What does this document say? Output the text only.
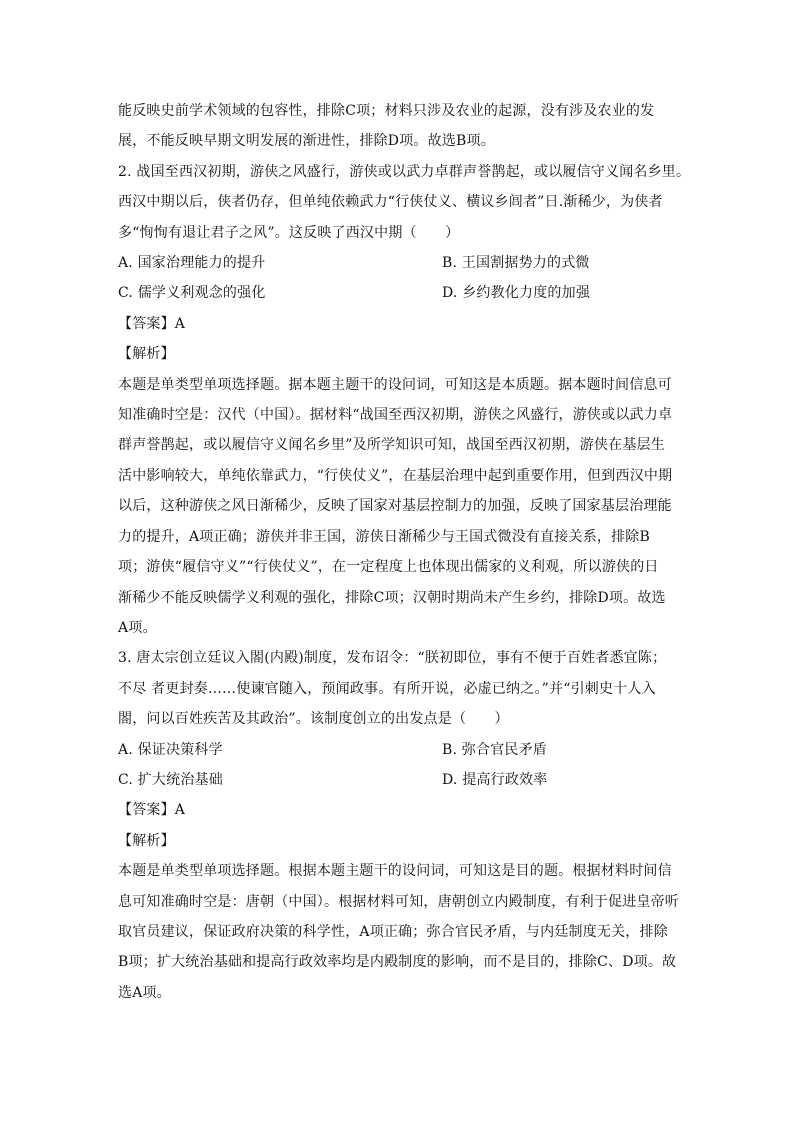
能反映史前学术领域的包容性，排除C项；材料只涉及农业的起源，没有涉及农业的发
展，不能反映早期文明发展的渐进性，排除D项。故选B项。
2. 战国至西汉初期，游侠之风盛行，游侠或以武力卓群声誉鹊起，或以履信守义闻名乡里。
西汉中期以后，侠者仍存，但单纯依赖武力“行侠仗义、横议乡闾者”日.渐稀少，为侠者
多“恂恂有退让君子之风”。这反映了西汉中期（　　）
A. 国家治理能力的提升	B. 王国割据势力的式微
C. 儒学义利观念的强化	D. 乡约教化力度的加强
【答案】A
【解析】
本题是单类型单项选择题。据本题主题干的设问词，可知这是本质题。据本题时间信息可
知准确时空是：汉代（中国）。据材料“战国至西汉初期，游侠之风盛行，游侠或以武力卓
群声誉鹊起，或以履信守义闻名乡里”及所学知识可知，战国至西汉初期，游侠在基层生
活中影响较大，单纯依靠武力，“行侠仗义”，在基层治理中起到重要作用，但到西汉中期
以后，这种游侠之风日渐稀少，反映了国家对基层控制力的加强，反映了国家基层治理能
力的提升，A项正确；游侠并非王国，游侠日渐稀少与王国式微没有直接关系，排除B
项；游侠“履信守义”“行侠仗义”，在一定程度上也体现出儒家的义利观，所以游侠的日
渐稀少不能反映儒学义利观的强化，排除C项；汉朝时期尚未产生乡约，排除D项。故选
A项。
3. 唐太宗创立廷议入閤(内殿)制度，发布诏令：“朕初即位，事有不便于百姓者悉宜陈；
不尽 者更封奏……使谏官随入，预闻政事。有所开说，必虚已纳之。”并“引刺史十人入
閤，问以百姓疾苦及其政治”。该制度创立的出发点是（　　）
A. 保证决策科学	B. 弥合官民矛盾
C. 扩大统治基础	D. 提高行政效率
【答案】A
【解析】
本题是单类型单项选择题。根据本题主题干的设问词，可知这是目的题。根据材料时间信
息可知准确时空是：唐朝（中国）。根据材料可知，唐朝创立内殿制度，有利于促进皇帝听
取官员建议，保证政府决策的科学性，A项正确；弥合官民矛盾，与内廷制度无关，排除
B项；扩大统治基础和提高行政效率均是内殿制度的影响，而不是目的，排除C、D项。故
选A项。
